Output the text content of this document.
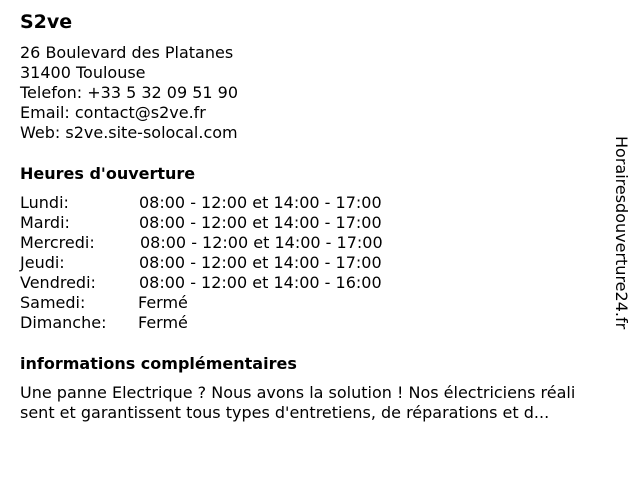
S2ve
26 Boulevard des Platanes
31400 Toulouse
Telefon: +33 5 32 09 51 90
Email: contact@s2ve.fr
Web: s2ve.site-solocal.com
Heures d'ouverture
Lundi:	08:00 - 12:00 et 14:00 - 17:00
Mardi:	08:00 - 12:00 et 14:00 - 17:00
Mercredi:	08:00 - 12:00 et 14:00 - 17:00
Jeudi:	08:00 - 12:00 et 14:00 - 17:00
Vendredi:	08:00 - 12:00 et 14:00 - 16:00
Samedi:	Fermé
Dimanche: Fermé
informations complémentaires
Une panne Electrique ? Nous avons la solution ! Nos électriciens réali
sent et garantissent tous types d'entretiens, de réparations et d...
Horairesdouverture24.fr
